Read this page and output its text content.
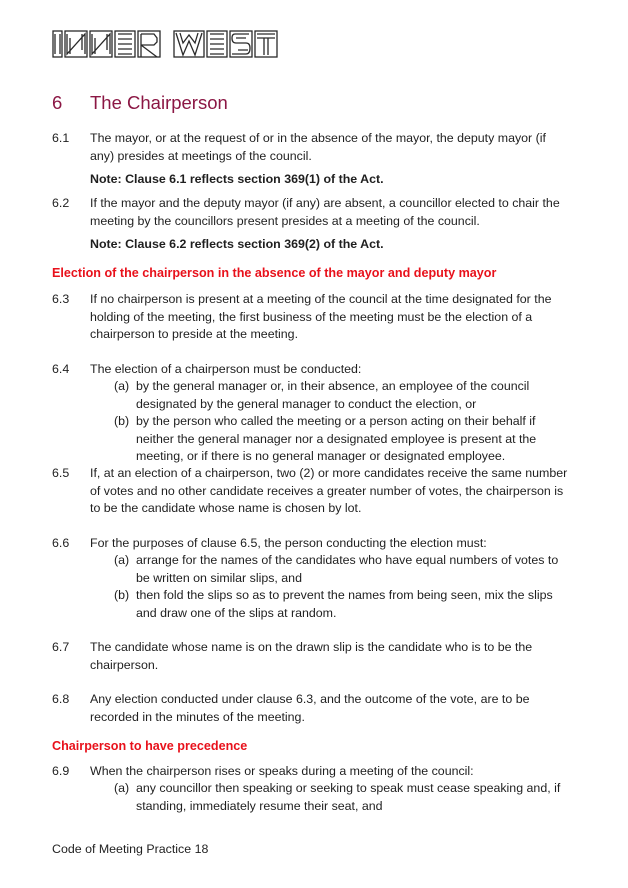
6 The Chairperson
6.1 The mayor, or at the request of or in the absence of the mayor, the deputy mayor (if any) presides at meetings of the council.
Note: Clause 6.1 reflects section 369(1) of the Act.
6.2 If the mayor and the deputy mayor (if any) are absent, a councillor elected to chair the meeting by the councillors present presides at a meeting of the council.
Note: Clause 6.2 reflects section 369(2) of the Act.
Election of the chairperson in the absence of the mayor and deputy mayor
6.3 If no chairperson is present at a meeting of the council at the time designated for the holding of the meeting, the first business of the meeting must be the election of a chairperson to preside at the meeting.
6.4 The election of a chairperson must be conducted:
(a) by the general manager or, in their absence, an employee of the council designated by the general manager to conduct the election, or
(b) by the person who called the meeting or a person acting on their behalf if neither the general manager nor a designated employee is present at the meeting, or if there is no general manager or designated employee.
6.5 If, at an election of a chairperson, two (2) or more candidates receive the same number of votes and no other candidate receives a greater number of votes, the chairperson is to be the candidate whose name is chosen by lot.
6.6 For the purposes of clause 6.5, the person conducting the election must:
(a) arrange for the names of the candidates who have equal numbers of votes to be written on similar slips, and
(b) then fold the slips so as to prevent the names from being seen, mix the slips and draw one of the slips at random.
6.7 The candidate whose name is on the drawn slip is the candidate who is to be the chairperson.
6.8 Any election conducted under clause 6.3, and the outcome of the vote, are to be recorded in the minutes of the meeting.
Chairperson to have precedence
6.9 When the chairperson rises or speaks during a meeting of the council:
(a) any councillor then speaking or seeking to speak must cease speaking and, if standing, immediately resume their seat, and
Code of Meeting Practice 18
